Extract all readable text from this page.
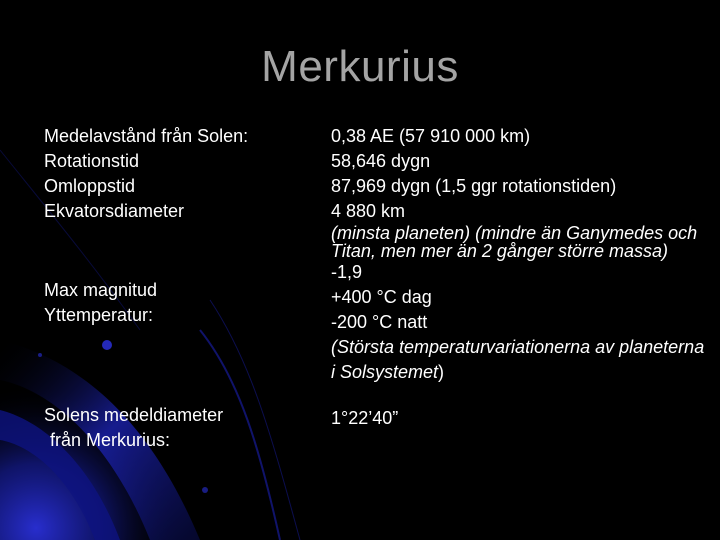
Merkurius
Medelavstånd från Solen:
Rotationstid
Omloppstid
Ekvatorsdiameter
Max magnitud
Yttemperatur:
Solens medeldiameter
från Merkurius:
0,38 AE (57 910 000 km)
58,646 dygn
87,969 dygn (1,5 ggr rotationstiden)
4 880 km
(minsta planeten) (mindre än Ganymedes och Titan, men mer än 2 gånger större massa)
-1,9
+400 °C dag
-200 °C natt
(Största temperaturvariationerna av planeterna i Solsystemet)
1°22’40”
